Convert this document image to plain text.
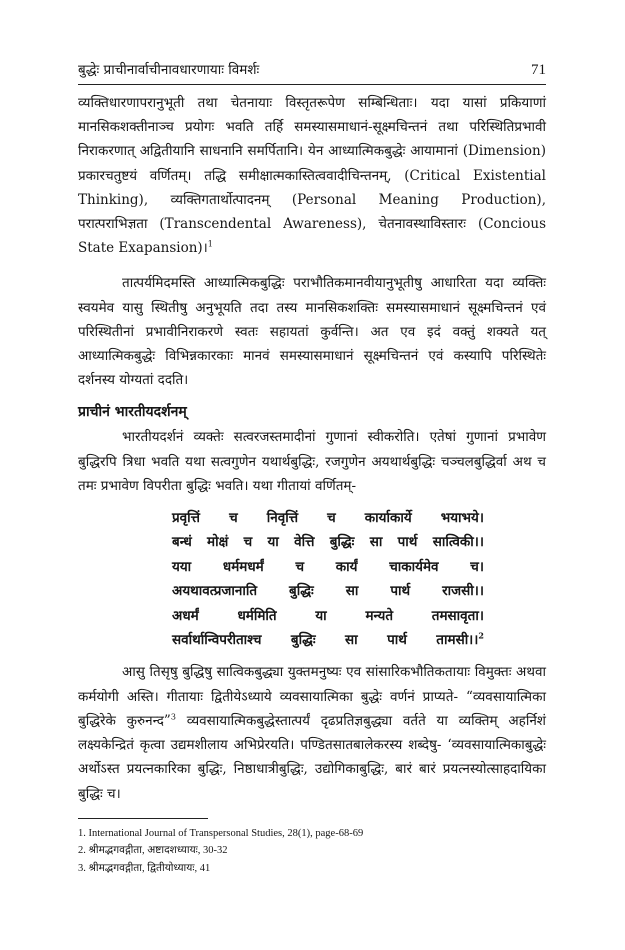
बुद्धेः प्राचीनार्वाचीनावधारणायाः विमर्शः	71

व्यक्तिधारणापरानुभूती तथा चेतनायाः विस्तृतरूपेण सम्बिन्धिताः। यदा यासां प्रकियाणां मानसिकशक्तीनाञ्च प्रयोगः भवति तर्हि समस्यासमाधानं-सूक्ष्मचिन्तनं तथा परिस्थितिप्रभावी निराकरणात् अद्वितीयानि साधनानि समर्पितानि। येन आध्यात्मिकबुद्धेः आयामानां (Dimension) प्रकारचतुष्टयं वर्णितम्। तद्धि समीक्षात्मकास्तित्ववादीचिन्तनम्, (Critical Existential Thinking), व्यक्तिगतार्थोत्पादनम् (Personal Meaning Production), परात्पराभिज्ञता (Transcendental Awareness), चेतनावस्थाविस्तारः (Concious State Exapansion)।$^1$

तात्पर्यमिदमस्ति आध्यात्मिकबुद्धिः पराभौतिकमानवीयानुभूतीषु आधारिता यदा व्यक्तिः स्वयमेव यासु स्थितीषु अनुभूयति तदा तस्य मानसिकशक्तिः समस्यासमाधानं सूक्ष्मचिन्तनं एवं परिस्थितीनां प्रभावीनिराकरणे स्वतः सहायतां कुर्वन्ति। अत एव इदं वक्तुं शक्यते यत् आध्यात्मिकबुद्धेः विभिन्नकारकाः मानवं समस्यासमाधानं सूक्ष्मचिन्तनं एवं कस्यापि परिस्थितेः दर्शनस्य योग्यतां ददति।

प्राचीनं भारतीयदर्शनम्

भारतीयदर्शनं व्यक्तेः सत्वरजस्तमादीनां गुणानां स्वीकरोति। एतेषां गुणानां प्रभावेण बुद्धिरपि त्रिधा भवति यथा सत्वगुणेन यथार्थबुद्धिः, रजगुणेन अयथार्थबुद्धिः चञ्चलबुद्धिर्वा अथ च तमः प्रभावेण विपरीता बुद्धिः भवति। यथा गीतायां वर्णितम्-

प्रवृत्तिं च निवृत्तिं च कार्याकार्ये भयाभये।
बन्धं मोक्षं च या वेत्ति बुद्धिः सा पार्थ सात्विकी।।
यया धर्ममधर्मं च कार्यं चाकार्यमेव च।
अयथावत्प्रजानाति बुद्धिः सा पार्थ राजसी।।
अधर्मं धर्ममिति या मन्यते तमसावृता।
सर्वार्थान्विपरीताश्च बुद्धिः सा पार्थ तामसी।।$^2$

आसु तिसृषु बुद्धिषु सात्विकबुद्ध्या युक्तमनुष्यः एव सांसारिकभौतिकतायाः विमुक्तः अथवा कर्मयोगी अस्ति। गीतायाः द्वितीयेऽध्याये व्यवसायात्मिका बुद्धेः वर्णनं प्राप्यते- “व्यवसायात्मिका बुद्धिरेके कुरुनन्द”$^3$ व्यवसायात्मिकबुद्धेस्तात्पर्यं दृढप्रतिज्ञबुद्ध्या वर्तते या व्यक्तिम् अहर्निशं लक्ष्यकेन्द्रितं कृत्वा उद्यमशीलाय अभिप्रेरयति। पण्डितसातबालेकरस्य शब्देषु- ‘व्यवसायात्मिकाबुद्धेः अर्थोऽस्त प्रयत्नकारिका बुद्धिः, निष्ठाधात्रीबुद्धिः, उद्योगिकाबुद्धिः, बारं बारं प्रयत्नस्योत्साहदायिका बुद्धिः च।

1. International Journal of Transpersonal Studies, 28(1), page-68-69
2. श्रीमद्भगवद्गीता, अष्टादशध्यायः, 30-32
3. श्रीमद्भगवद्गीता, द्वितीयोध्यायः, 41
